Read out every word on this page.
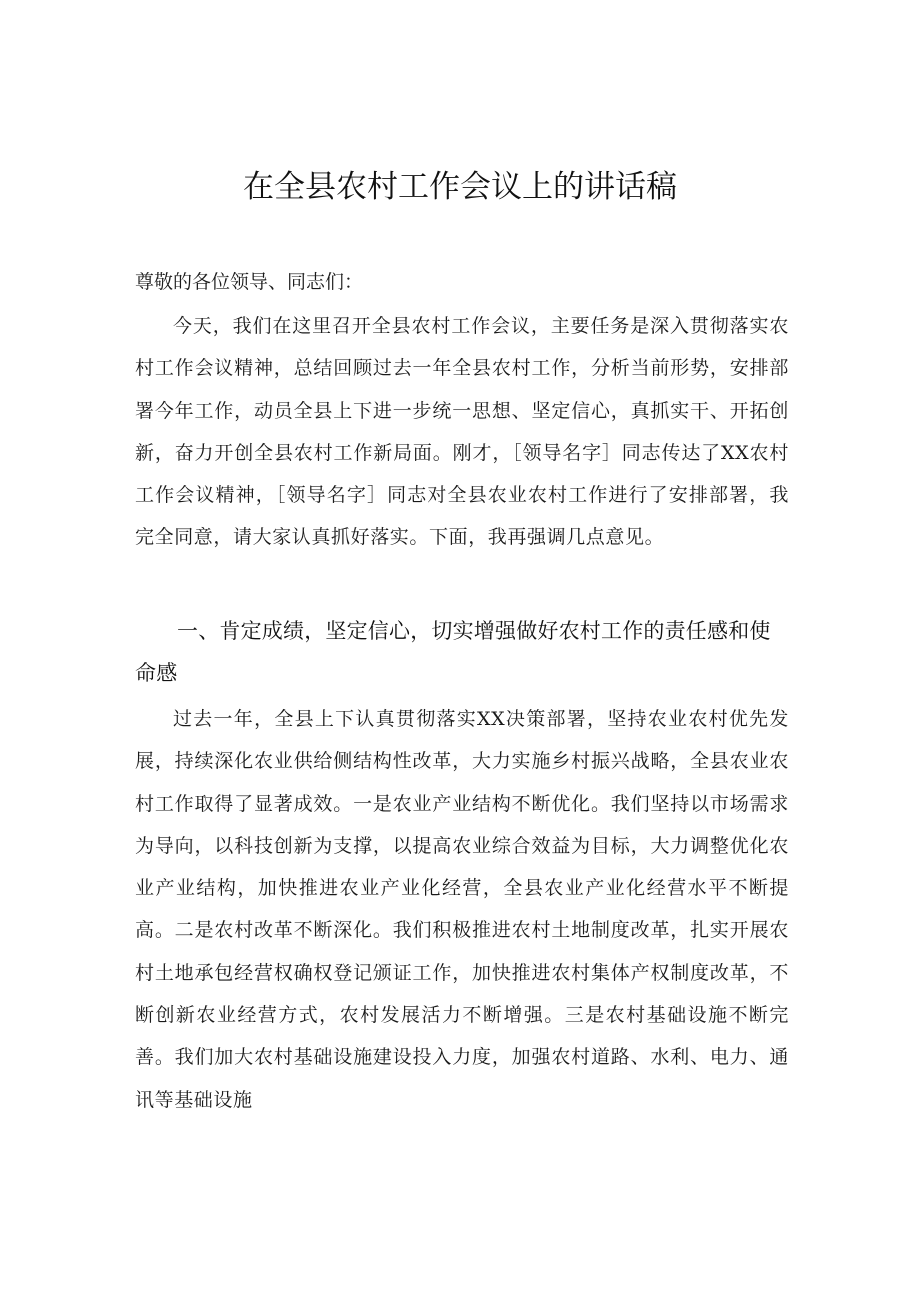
在全县农村工作会议上的讲话稿

尊敬的各位领导、同志们：

今天，我们在这里召开全县农村工作会议，主要任务是深入贯彻落实农村工作会议精神，总结回顾过去一年全县农村工作，分析当前形势，安排部署今年工作，动员全县上下进一步统一思想、坚定信心，真抓实干、开拓创新，奋力开创全县农村工作新局面。刚才，［领导名字］同志传达了XX农村工作会议精神，［领导名字］同志对全县农业农村工作进行了安排部署，我完全同意，请大家认真抓好落实。下面，我再强调几点意见。

一、肯定成绩，坚定信心，切实增强做好农村工作的责任感和使命感

过去一年，全县上下认真贯彻落实XX决策部署，坚持农业农村优先发展，持续深化农业供给侧结构性改革，大力实施乡村振兴战略，全县农业农村工作取得了显著成效。一是农业产业结构不断优化。我们坚持以市场需求为导向，以科技创新为支撑，以提高农业综合效益为目标，大力调整优化农业产业结构，加快推进农业产业化经营，全县农业产业化经营水平不断提高。二是农村改革不断深化。我们积极推进农村土地制度改革，扎实开展农村土地承包经营权确权登记颁证工作，加快推进农村集体产权制度改革，不断创新农业经营方式，农村发展活力不断增强。三是农村基础设施不断完善。我们加大农村基础设施建设投入力度，加强农村道路、水利、电力、通讯等基础设施
